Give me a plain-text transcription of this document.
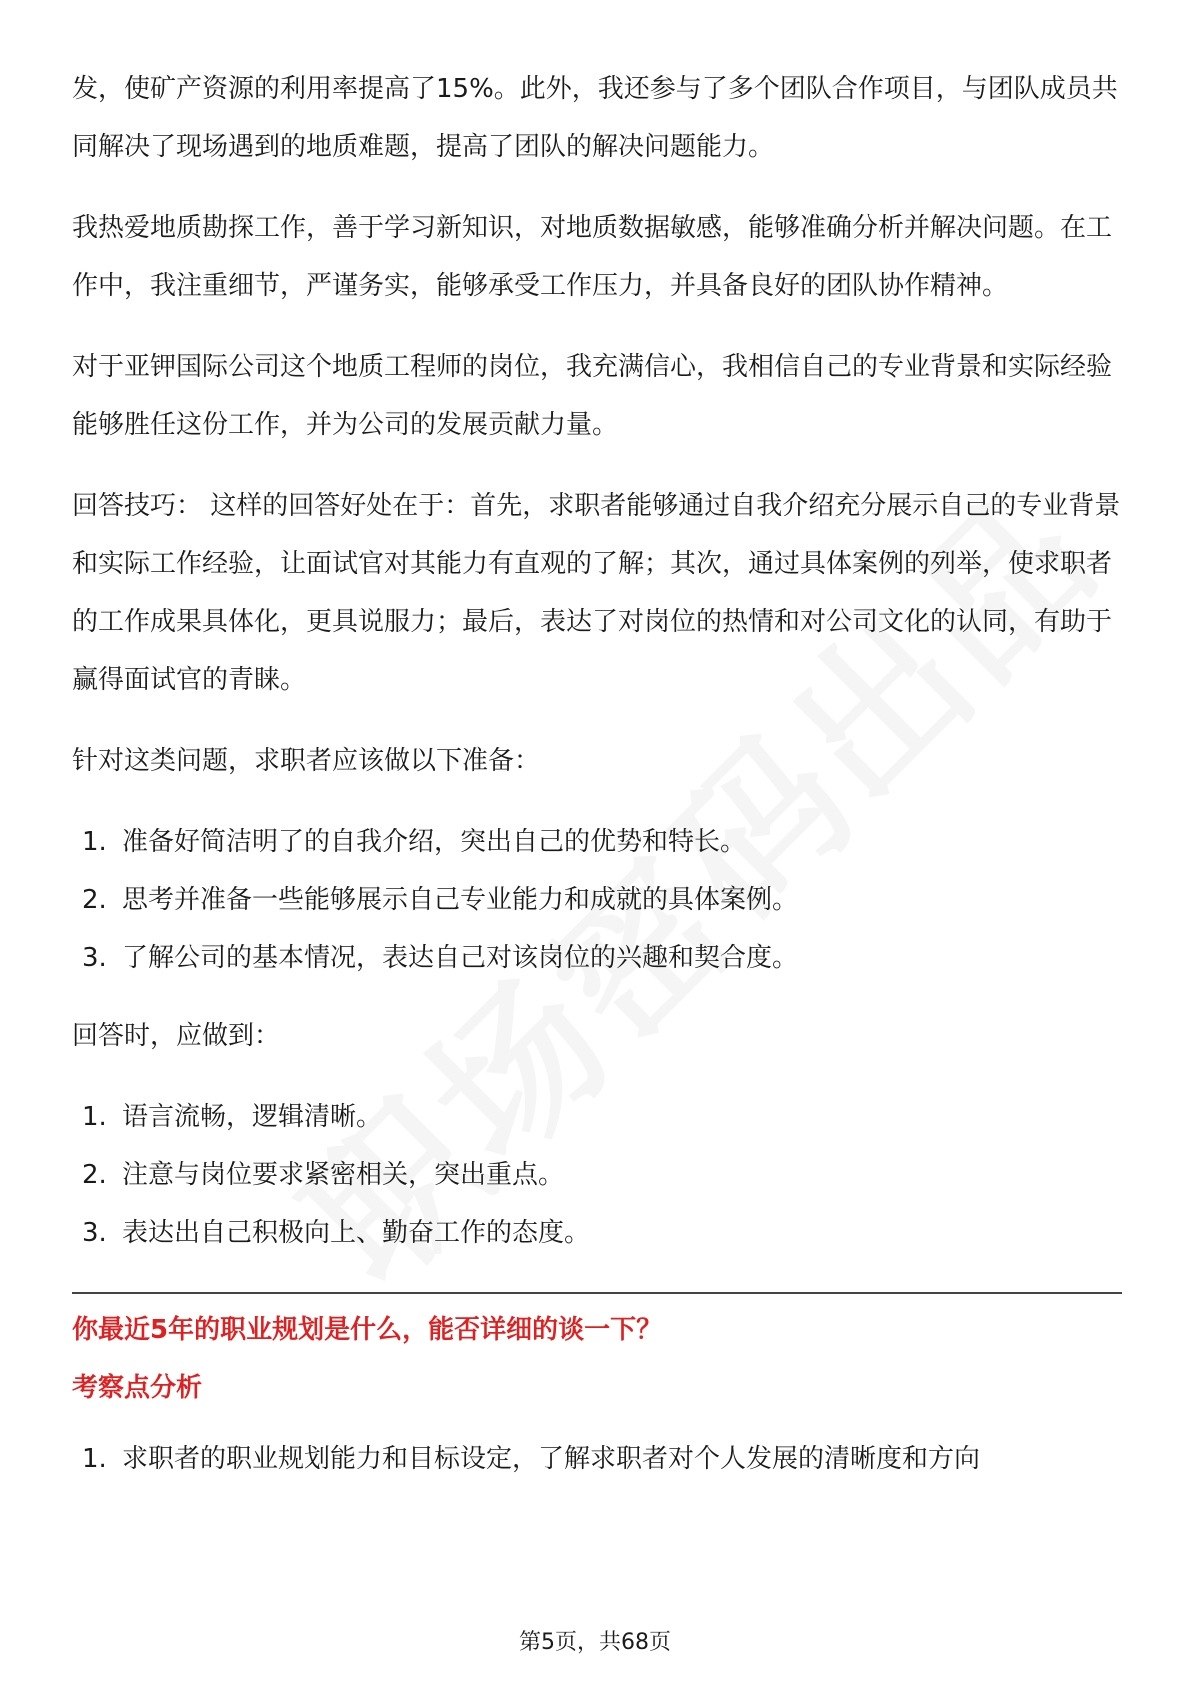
发，使矿产资源的利用率提高了15%。此外，我还参与了多个团队合作项目，与团队成员共同解决了现场遇到的地质难题，提高了团队的解决问题能力。

我热爱地质勘探工作，善于学习新知识，对地质数据敏感，能够准确分析并解决问题。在工作中，我注重细节，严谨务实，能够承受工作压力，并具备良好的团队协作精神。

对于亚钾国际公司这个地质工程师的岗位，我充满信心，我相信自己的专业背景和实际经验能够胜任这份工作，并为公司的发展贡献力量。

回答技巧： 这样的回答好处在于：首先，求职者能够通过自我介绍充分展示自己的专业背景和实际工作经验，让面试官对其能力有直观的了解；其次，通过具体案例的列举，使求职者的工作成果具体化，更具说服力；最后，表达了对岗位的热情和对公司文化的认同，有助于赢得面试官的青睐。

针对这类问题，求职者应该做以下准备：

1. 准备好简洁明了的自我介绍，突出自己的优势和特长。
2. 思考并准备一些能够展示自己专业能力和成就的具体案例。
3. 了解公司的基本情况，表达自己对该岗位的兴趣和契合度。

回答时，应做到：

1. 语言流畅，逻辑清晰。
2. 注意与岗位要求紧密相关，突出重点。
3. 表达出自己积极向上、勤奋工作的态度。

你最近5年的职业规划是什么，能否详细的谈一下？

考察点分析

1. 求职者的职业规划能力和目标设定，了解求职者对个人发展的清晰度和方向
第5页，共68页
